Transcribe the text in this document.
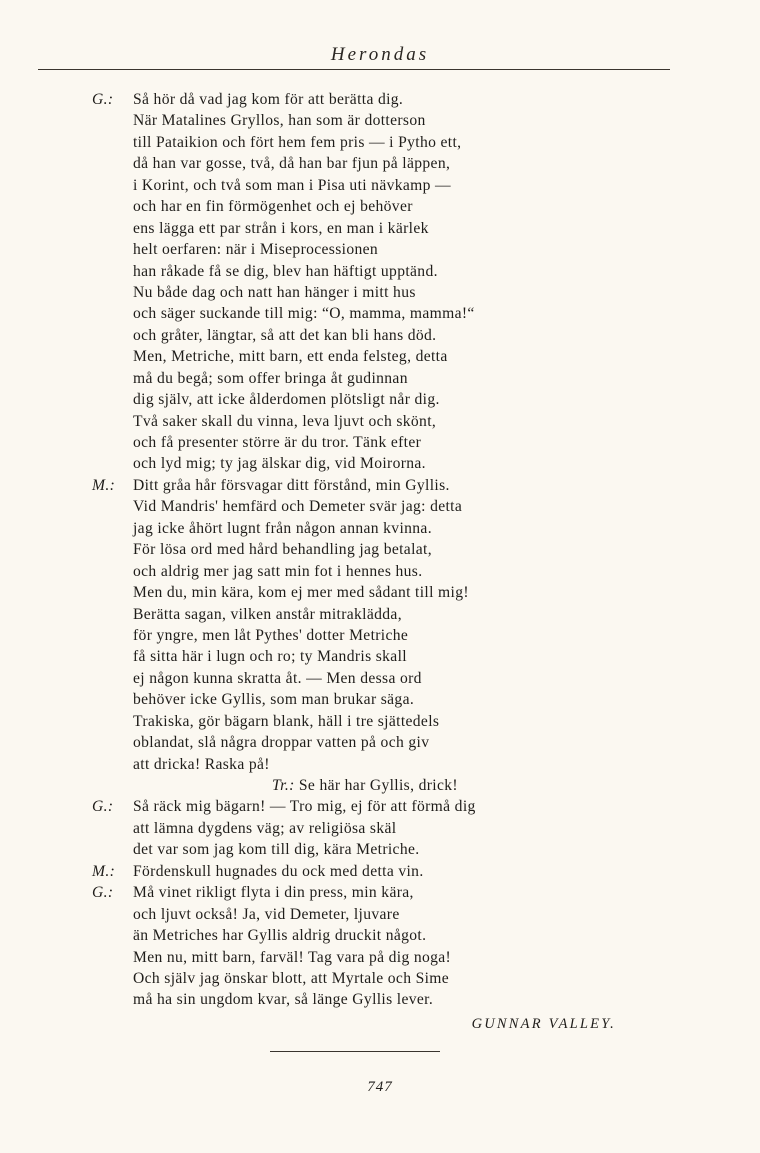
Herondas
G.: Så hör då vad jag kom för att berätta dig.
När Matalines Gryllos, han som är dotterson
till Pataikion och fört hem fem pris — i Pytho ett,
då han var gosse, två, då han bar fjun på läppen,
i Korint, och två som man i Pisa uti nävkamp —
och har en fin förmögenhet och ej behöver
ens lägga ett par strån i kors, en man i kärlek
helt oerfaren: när i Miseprocessionen
han råkade få se dig, blev han häftigt upptänd.
Nu både dag och natt han hänger i mitt hus
och säger suckande till mig: “O, mamma, mamma!“
och gråter, längtar, så att det kan bli hans död.
Men, Metriche, mitt barn, ett enda felsteg, detta
må du begå; som offer bringa åt gudinnan
dig själv, att icke ålderdomen plötsligt når dig.
Två saker skall du vinna, leva ljuvt och skönt,
och få presenter större är du tror. Tänk efter
och lyd mig; ty jag älskar dig, vid Moirorna.
M.: Ditt gråa hår försvagar ditt förstånd, min Gyllis.
Vid Mandris' hemfärd och Demeter svär jag: detta
jag icke åhört lugnt från någon annan kvinna.
För lösa ord med hård behandling jag betalat,
och aldrig mer jag satt min fot i hennes hus.
Men du, min kära, kom ej mer med sådant till mig!
Berätta sagan, vilken anstår mitraklädda,
för yngre, men låt Pythes' dotter Metriche
få sitta här i lugn och ro; ty Mandris skall
ej någon kunna skratta åt. — Men dessa ord
behöver icke Gyllis, som man brukar säga.
Trakiska, gör bägarn blank, häll i tre sjättedels
oblandat, slå några droppar vatten på och giv
att dricka! Raska på!
Tr.: Se här har Gyllis, drick!
G.: Så räck mig bägarn! — Tro mig, ej för att förmå dig
att lämna dygdens väg; av religiösa skäl
det var som jag kom till dig, kära Metriche.
M.: Fördenskull hugnades du ock med detta vin.
G.: Må vinet rikligt flyta i din press, min kära,
och ljuvt också! Ja, vid Demeter, ljuvare
än Metriches har Gyllis aldrig druckit något.
Men nu, mitt barn, farväl! Tag vara på dig noga!
Och själv jag önskar blott, att Myrtale och Sime
må ha sin ungdom kvar, så länge Gyllis lever.
GUNNAR VALLEY.
747
